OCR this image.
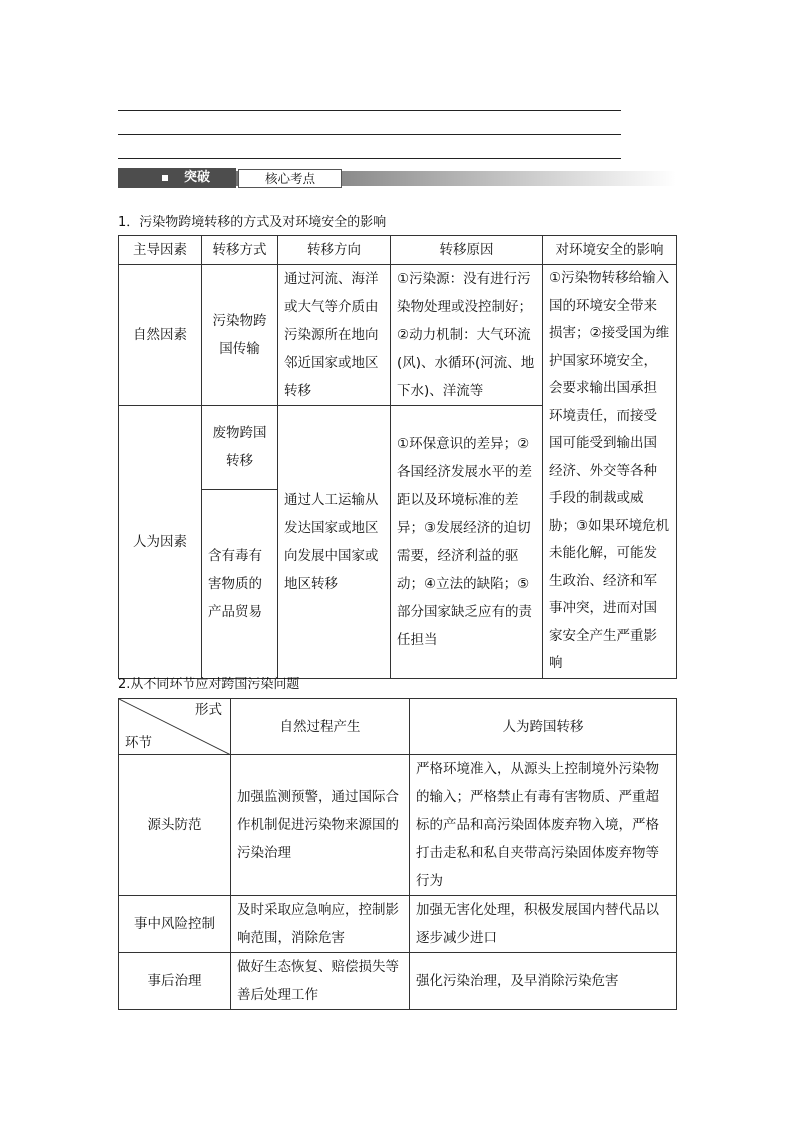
突破	核心考点
1．污染物跨境转移的方式及对环境安全的影响
主导因素	转移方式	转移方向	转移原因	对环境安全的影响
自然因素	污染物跨国传输	通过河流、海洋或大气等介质由污染源所在地向邻近国家或地区转移	①污染源：没有进行污染物处理或没控制好；②动力机制：大气环流(风)、水循环(河流、地下水)、洋流等	①污染物转移给输入国的环境安全带来损害；②接受国为维护国家环境安全，会要求输出国承担环境责任，而接受国可能受到输出国经济、外交等各种手段的制裁或威胁；③如果环境危机未能化解，可能发生政治、经济和军事冲突，进而对国家安全产生严重影响
人为因素	废物跨国转移	通过人工运输从发达国家或地区向发展中国家或地区转移	①环保意识的差异；②各国经济发展水平的差距以及环境标准的差异；③发展经济的迫切需要，经济利益的驱动；④立法的缺陷；⑤部分国家缺乏应有的责任担当	
	含有毒有害物质的产品贸易			
2.从不同环节应对跨国污染问题
形式
环节	自然过程产生	人为跨国转移
源头防范	加强监测预警，通过国际合作机制促进污染物来源国的污染治理	严格环境准入，从源头上控制境外污染物的输入；严格禁止有毒有害物质、严重超标的产品和高污染固体废弃物入境，严格打击走私和私自夹带高污染固体废弃物等行为
事中风险控制	及时采取应急响应，控制影响范围，消除危害	加强无害化处理，积极发展国内替代品以逐步减少进口
事后治理	做好生态恢复、赔偿损失等善后处理工作	强化污染治理，及早消除污染危害
